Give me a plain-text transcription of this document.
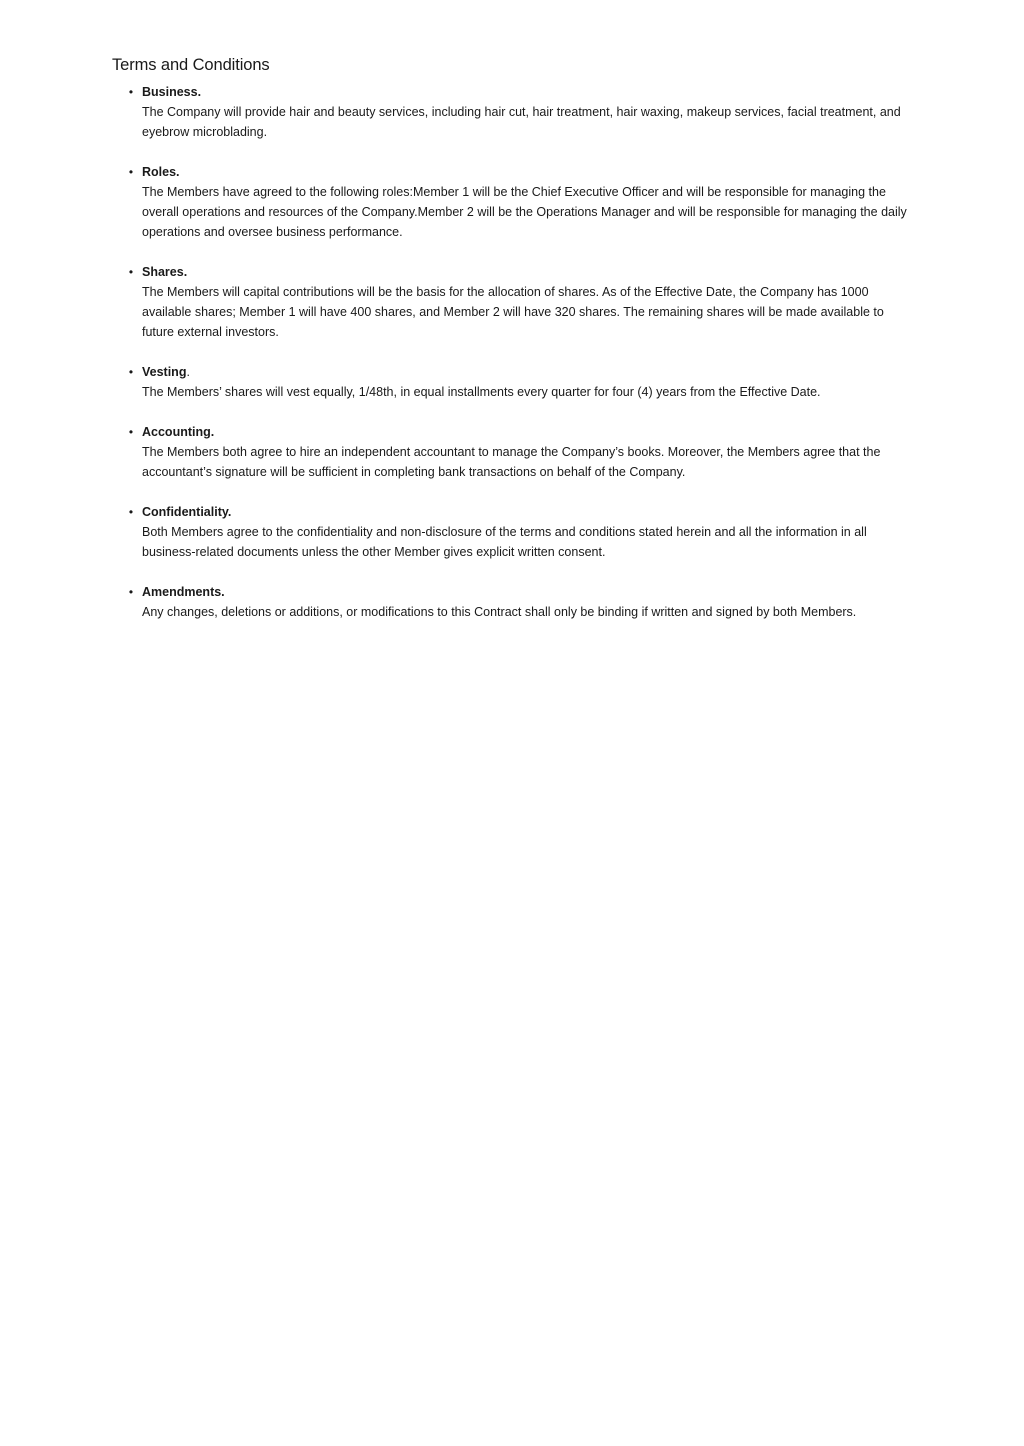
Terms and Conditions
• Business.
The Company will provide hair and beauty services, including hair cut, hair treatment, hair waxing, makeup services, facial treatment, and eyebrow microblading.
• Roles.
The Members have agreed to the following roles:Member 1 will be the Chief Executive Officer and will be responsible for managing the overall operations and resources of the Company.Member 2 will be the Operations Manager and will be responsible for managing the daily operations and oversee business performance.
• Shares.
The Members will capital contributions will be the basis for the allocation of shares. As of the Effective Date, the Company has 1000 available shares; Member 1 will have 400 shares, and Member 2 will have 320 shares. The remaining shares will be made available to future external investors.
• Vesting.
The Members’ shares will vest equally, 1/48th, in equal installments every quarter for four (4) years from the Effective Date.
• Accounting.
The Members both agree to hire an independent accountant to manage the Company’s books. Moreover, the Members agree that the accountant’s signature will be sufficient in completing bank transactions on behalf of the Company.
• Confidentiality.
Both Members agree to the confidentiality and non-disclosure of the terms and conditions stated herein and all the information in all business-related documents unless the other Member gives explicit written consent.
• Amendments.
Any changes, deletions or additions, or modifications to this Contract shall only be binding if written and signed by both Members.
